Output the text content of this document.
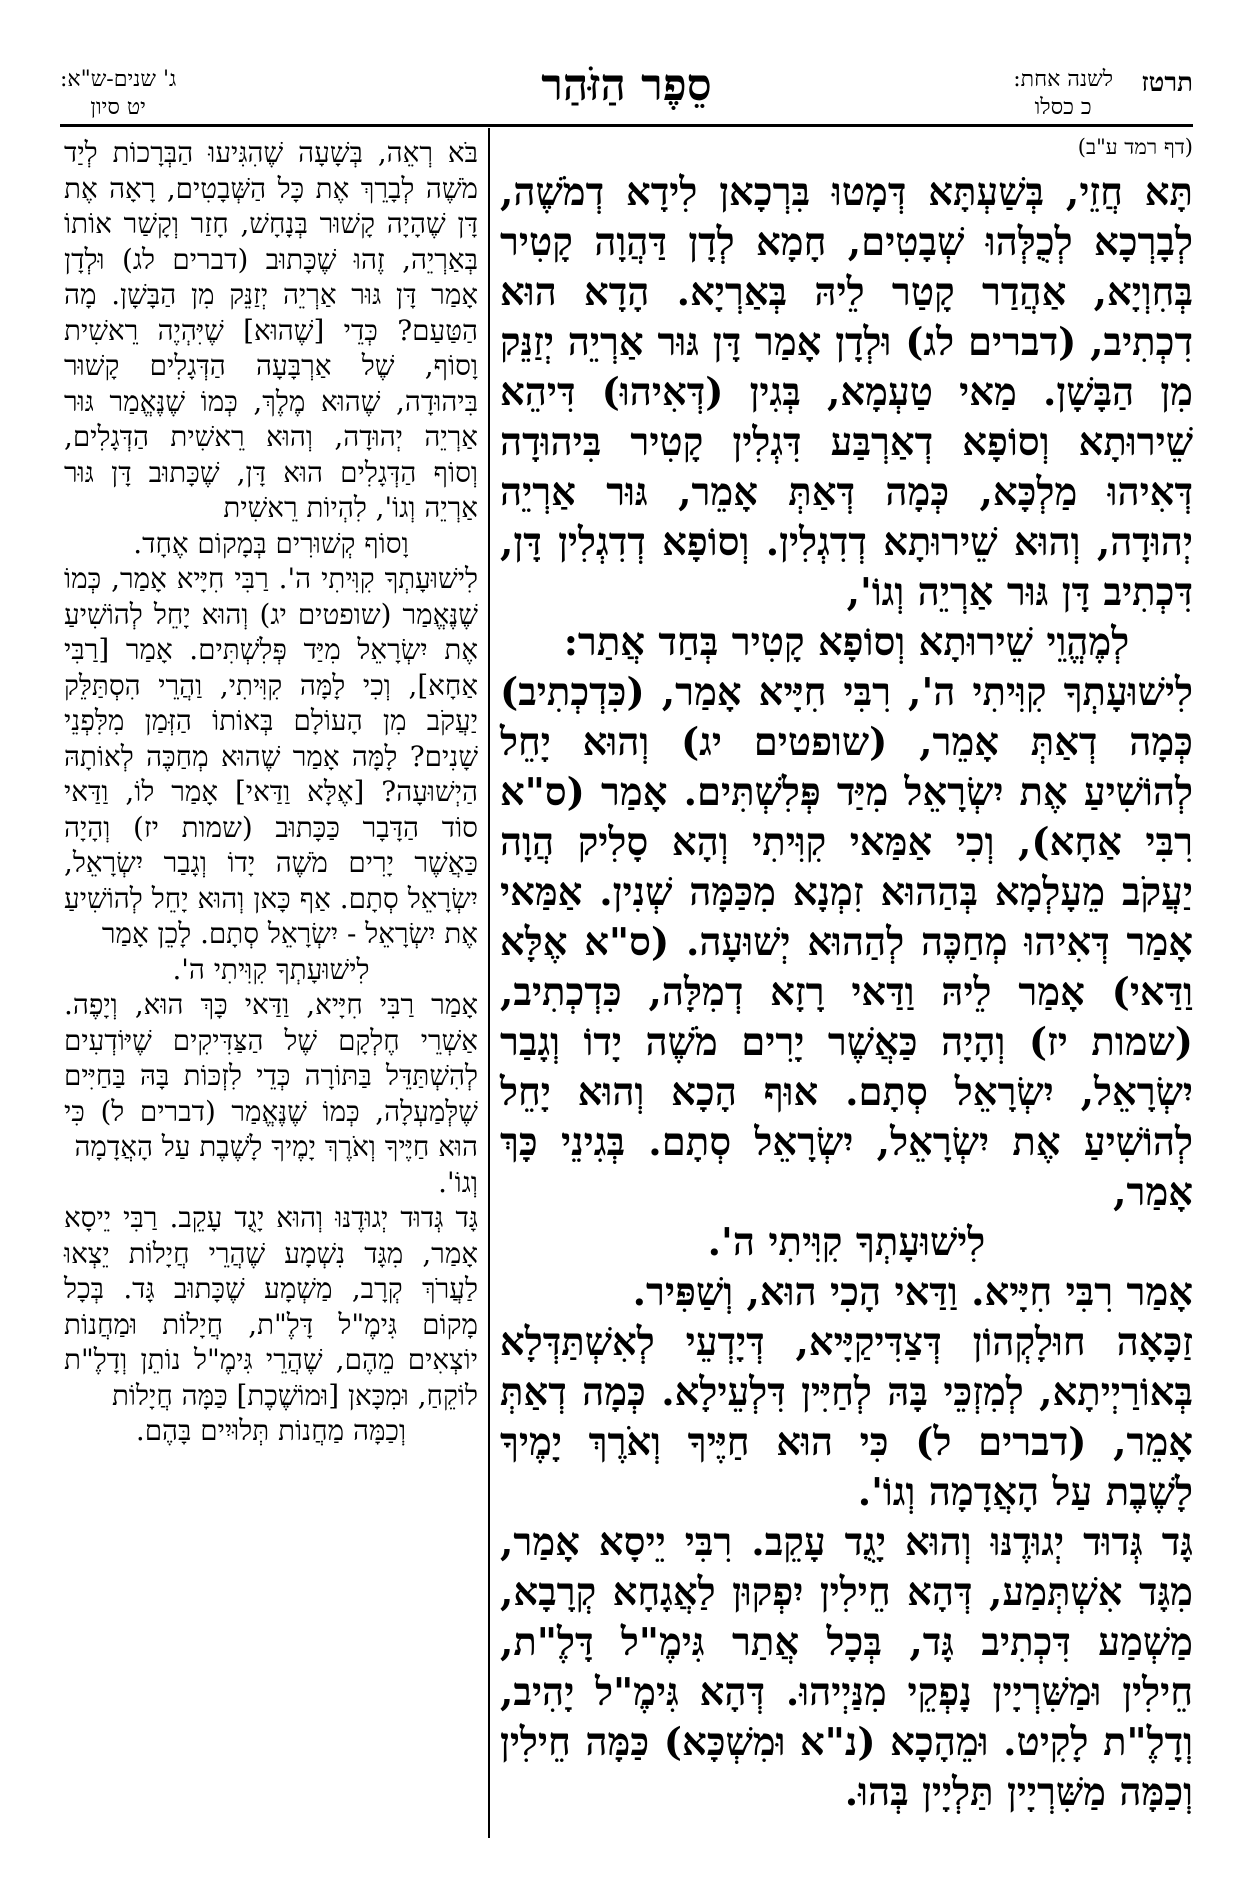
תרטז
לשנה אחת:
כ כסלו
סֵפֶר הַזֹּהַר
ג' שנים-ש"א:
יט סיון
(דף רמד ע"ב)

תָּא חֲזֵי, בְּשַׁעְתָּא דְּמָטוּ בִּרְכָאן לִידָא דְמֹשֶׁה, לְבָרְכָא לְכֻלְּהוּ שְׁבָטִים, חָמָא לְדָן דַּהֲוָה קָטִיר בְּחִוְיָא, אַהֲדַר קָטַר לֵיהּ בְּאַרְיָא. הָדָא הוּא דִכְתִיב, (דברים לג) וּלְדָן אָמַר דָּן גּוּר אַרְיֵה יְזַנֵּק מִן הַבָּשָׁן. מַאי טַעְמָא, בְּגִין (דְּאִיהוּ) דִּיהֵא שֵׁירוּתָא וְסוֹפָא דְאַרְבַּע דִּגְלִין קָטִיר בִּיהוּדָה דְּאִיהוּ מַלְכָּא, כְּמָה דְּאַתְּ אָמֵר, גּוּר אַרְיֵה יְהוּדָה, וְהוּא שֵׁירוּתָא דְדִגְלִין. וְסוֹפָא דְדִגְלִין דָּן, דִּכְתִיב דָּן גּוּר אַרְיֵה וְגוֹ',

לְמֶהֱוֵי שֵׁירוּתָא וְסוֹפָא קָטִיר בְּחַד אֲתַר:

לִישׁוּעָתְךָ קִוִּיתִי ה', רִבִּי חִיָּיא אָמַר, (כִּדְכְתִיב) כְּמָה דְאַתְּ אָמֵר, (שופטים יג) וְהוּא יָחֵל לְהוֹשִׁיעַ אֶת יִשְׂרָאֵל מִיַּד פְּלִשְׁתִּים. אָמַר (ס"א רִבִּי אַחָא), וְכִי אַמַּאי קִוִּיתִי וְהָא סָלִיק הֲוָה יַעֲקֹב מֵעָלְמָא בְּהַהוּא זִמְנָא מִכַּמָּה שְׁנִין. אַמַּאי אָמַר דְּאִיהוּ מְחַכֶּה לְהַהוּא יְשׁוּעָה. (ס"א אֶלָּא וַדַּאי) אָמַר לֵיהּ וַדַּאי רָזָא דְמִלָּה, כִּדְכְתִיב, (שמות יז) וְהָיָה כַּאֲשֶׁר יָרִים מֹשֶׁה יָדוֹ וְגָבַר יִשְׂרָאֵל, יִשְׂרָאֵל סְתָם. אוּף הָכָא וְהוּא יָחֵל לְהוֹשִׁיעַ אֶת יִשְׂרָאֵל, יִשְׂרָאֵל סְתָם. בְּגִינֵי כָּךְ אָמַר,

לִישׁוּעָתְךָ קִוִּיתִי ה'.

אָמַר רִבִּי חִיָּיא. וַדַּאי הָכִי הוּא, וְשַׁפִּיר.

זַכָּאָה חוּלָקְהוֹן דְּצַדִּיקַיָּיא, דְּיָדְעֵי לְאִשְׁתַּדְּלָא בְּאוֹרַיְיתָא, לְמִזְכֵּי בָּהּ לְחַיִּין דִּלְעֵילָא. כְּמָה דְאַתְּ אָמֵר, (דברים ל) כִּי הוּא חַיֶּיךָ וְאֹרֶךְ יָמֶיךָ לָשֶׁבֶת עַל הָאֲדָמָה וְגוֹ'.

גָּד גְּדוּד יְגוּדֶנּוּ וְהוּא יָגֻד עָקֵב. רִבִּי יֵיסָא אָמַר, מִגָּד אִשְׁתְּמַע, דְּהָא חֵילִין יִפְקוּן לַאֲגָחָא קְרָבָא, מַשְׁמַע דִּכְתִיב גָּד, בְּכָל אֲתַר גִּימֶ"ל דָּלֶ"ת, חֵילִין וּמַשִּׁרְיָין נָפְקֵי מִנַּיְיהוּ. דְּהָא גִּימֶ"ל יָהִיב, וְדָלֶ"ת לָקִיט. וּמֵהָכָא (נ"א וּמִשְׁכָּא) כַּמָּה חֵילִין וְכַמָּה מַשִּׁרְיָין תַּלְיָין בְּהוּ.

בֹּא רְאֵה, בְּשָׁעָה שֶׁהִגִּיעוּ הַבְּרָכוֹת לְיַד מֹשֶׁה לְבָרֵךְ אֶת כָּל הַשְּׁבָטִים, רָאָה אֶת דָּן שֶׁהָיָה קָשׁוּר בְּנָחָשׁ, חָזַר וְקָשַׁר אוֹתוֹ בְּאַרְיֵה, זֶהוּ שֶׁכָּתוּב (דברים לג) וּלְדָן אָמַר דָּן גּוּר אַרְיֵה יְזַנֵּק מִן הַבָּשָׁן. מָה הַטַּעַם? כְּדֵי [שֶׁהוּא] שֶׁיִּהְיֶה רֵאשִׁית וָסוֹף, שֶׁל אַרְבָּעָה הַדְּגָלִים קָשׁוּר בִּיהוּדָה, שֶׁהוּא מֶלֶךְ, כְּמוֹ שֶׁנֶּאֱמַר גּוּר אַרְיֵה יְהוּדָה, וְהוּא רֵאשִׁית הַדְּגָלִים, וְסוֹף הַדְּגָלִים הוּא דָּן, שֶׁכָּתוּב דָּן גּוּר אַרְיֵה וְגוֹ', לִהְיוֹת רֵאשִׁית

וָסוֹף קְשׁוּרִים בְּמָקוֹם אֶחָד.

לִישׁוּעָתְךָ קִוִּיתִי ה'. רַבִּי חִיָּיא אָמַר, כְּמוֹ שֶׁנֶּאֱמַר (שופטים יג) וְהוּא יָחֵל לְהוֹשִׁיעַ אֶת יִשְׂרָאֵל מִיַּד פְּלִשְׁתִּים. אָמַר [רַבִּי אַחָא], וְכִי לָמָּה קִוִּיתִי, וַהֲרֵי הִסְתַּלֵּק יַעֲקֹב מִן הָעוֹלָם בְּאוֹתוֹ הַזְּמַן מִלִּפְנֵי שָׁנִים? לָמָּה אָמַר שֶׁהוּא מְחַכֶּה לְאוֹתָהּ הַיְשׁוּעָה? [אֶלָּא וַדַּאי] אָמַר לוֹ, וַדַּאי סוֹד הַדָּבָר כַּכָּתוּב (שמות יז) וְהָיָה כַּאֲשֶׁר יָרִים מֹשֶׁה יָדוֹ וְגָבַר יִשְׂרָאֵל, יִשְׂרָאֵל סְתָם. אַף כָּאן וְהוּא יָחֵל לְהוֹשִׁיעַ אֶת יִשְׂרָאֵל - יִשְׂרָאֵל סְתָם. לָכֵן אָמַר

לִישׁוּעָתְךָ קִוִּיתִי ה'.

אָמַר רַבִּי חִיָּיא, וַדַּאי כָּךְ הוּא, וְיָפֶה. אַשְׁרֵי חֶלְקָם שֶׁל הַצַּדִּיקִים שֶׁיּוֹדְעִים לְהִשְׁתַּדֵּל בַּתּוֹרָה כְּדֵי לִזְכּוֹת בָּהּ בַּחַיִּים שֶׁלְּמַעְלָה, כְּמוֹ שֶׁנֶּאֱמַר (דברים ל) כִּי הוּא חַיֶּיךָ וְאֹרֶךְ יָמֶיךָ לָשֶׁבֶת עַל הָאֲדָמָה

וְגוֹ'.

גָּד גְּדוּד יְגוּדֶנּוּ וְהוּא יָגֻד עָקֵב. רַבִּי יֵיסָא אָמַר, מִגָּד נִשְׁמָע שֶׁהֲרֵי חֲיָלוֹת יֵצְאוּ לַעֲרֹךְ קְרָב, מַשְׁמָע שֶׁכָּתוּב גָּד. בְּכָל מָקוֹם גִּימֶ"ל דָּלֶ"ת, חֲיָלוֹת וּמַחֲנוֹת יוֹצְאִים מֵהֶם, שֶׁהֲרֵי גִּימֶ"ל נוֹתֵן וְדָלֶ"ת לוֹקֵחַ, וּמִכָּאן [וּמוֹשֶׁכֶת] כַּמָּה חֲיָלוֹת

וְכַמָּה מַחֲנוֹת תְּלוּיִים בָּהֶם.
